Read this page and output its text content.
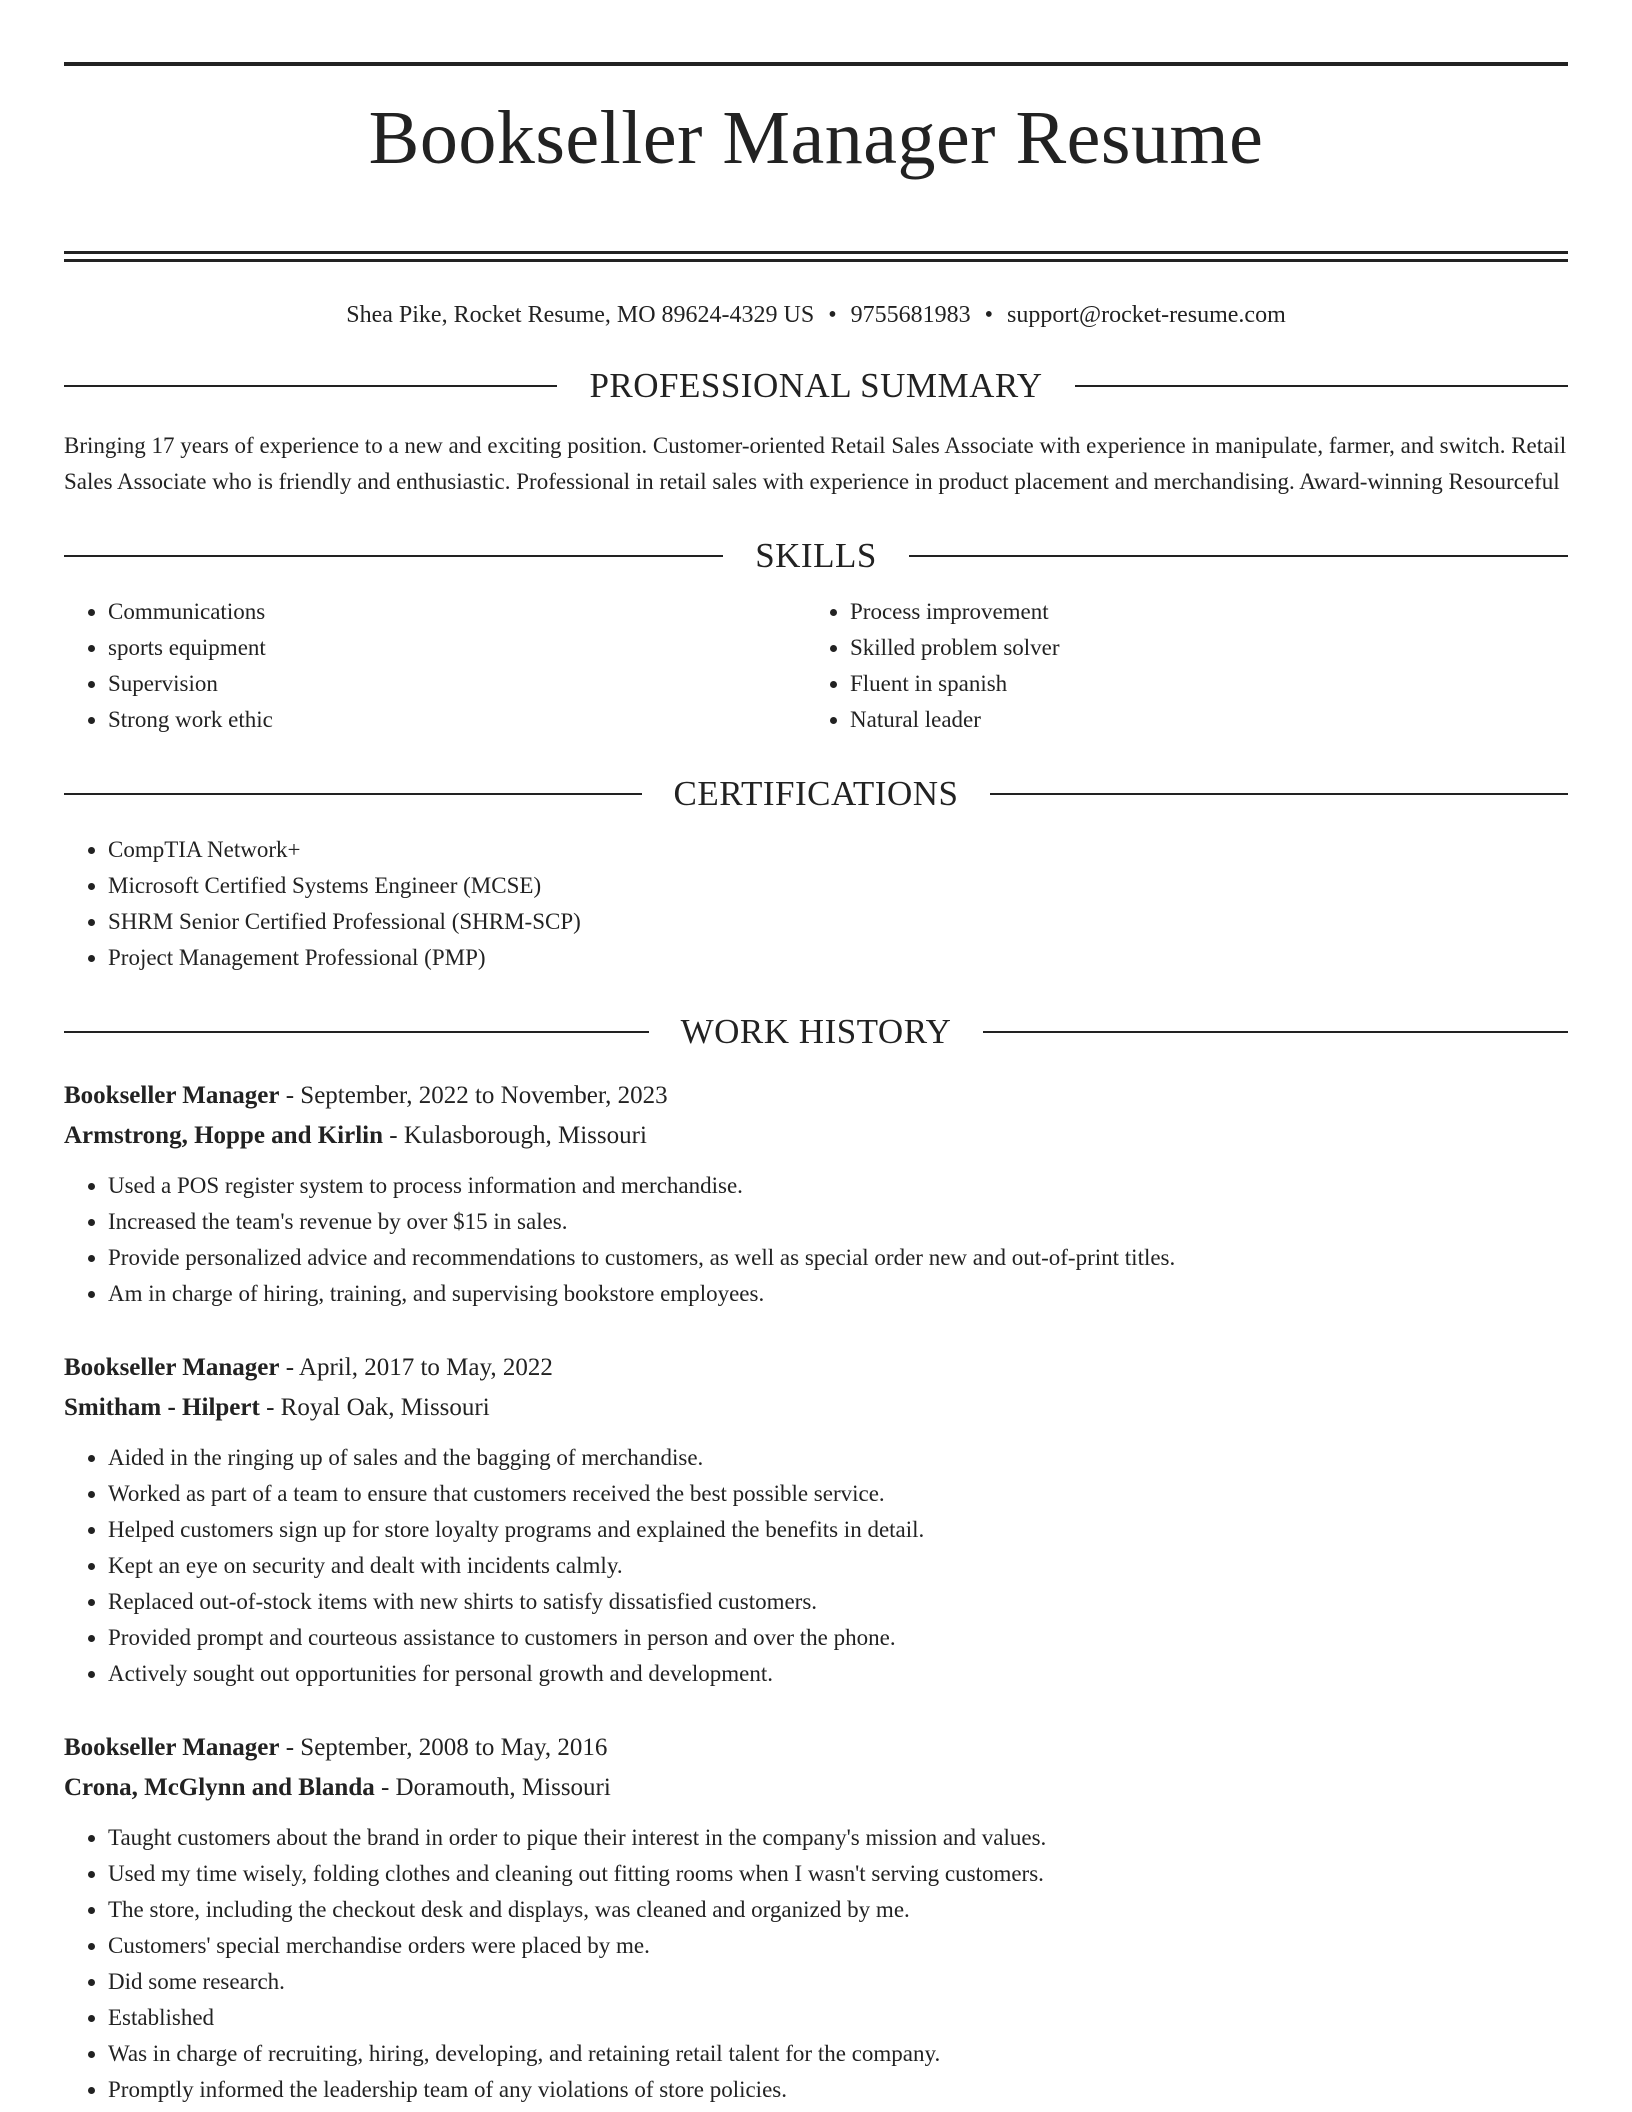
Bookseller Manager Resume
Shea Pike, Rocket Resume, MO 89624-4329 US • 9755681983 • support@rocket-resume.com
PROFESSIONAL SUMMARY
Bringing 17 years of experience to a new and exciting position. Customer-oriented Retail Sales Associate with experience in manipulate, farmer, and switch. Retail Sales Associate who is friendly and enthusiastic. Professional in retail sales with experience in product placement and merchandising. Award-winning Resourceful
SKILLS
• Communications
• sports equipment
• Supervision
• Strong work ethic
• Process improvement
• Skilled problem solver
• Fluent in spanish
• Natural leader
CERTIFICATIONS
• CompTIA Network+
• Microsoft Certified Systems Engineer (MCSE)
• SHRM Senior Certified Professional (SHRM-SCP)
• Project Management Professional (PMP)
WORK HISTORY
Bookseller Manager - September, 2022 to November, 2023
Armstrong, Hoppe and Kirlin - Kulasborough, Missouri
• Used a POS register system to process information and merchandise.
• Increased the team's revenue by over $15 in sales.
• Provide personalized advice and recommendations to customers, as well as special order new and out-of-print titles.
• Am in charge of hiring, training, and supervising bookstore employees.
Bookseller Manager - April, 2017 to May, 2022
Smitham - Hilpert - Royal Oak, Missouri
• Aided in the ringing up of sales and the bagging of merchandise.
• Worked as part of a team to ensure that customers received the best possible service.
• Helped customers sign up for store loyalty programs and explained the benefits in detail.
• Kept an eye on security and dealt with incidents calmly.
• Replaced out-of-stock items with new shirts to satisfy dissatisfied customers.
• Provided prompt and courteous assistance to customers in person and over the phone.
• Actively sought out opportunities for personal growth and development.
Bookseller Manager - September, 2008 to May, 2016
Crona, McGlynn and Blanda - Doramouth, Missouri
• Taught customers about the brand in order to pique their interest in the company's mission and values.
• Used my time wisely, folding clothes and cleaning out fitting rooms when I wasn't serving customers.
• The store, including the checkout desk and displays, was cleaned and organized by me.
• Customers' special merchandise orders were placed by me.
• Did some research.
• Established
• Was in charge of recruiting, hiring, developing, and retaining retail talent for the company.
• Promptly informed the leadership team of any violations of store policies.
